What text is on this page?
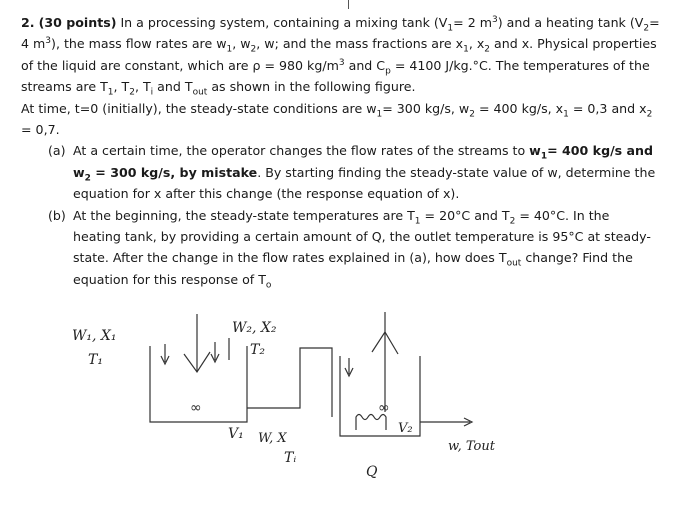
2. (30 points) In a processing system, containing a mixing tank ($V_1= 2$ $m^3$) and a heating tank ($V_2= 4$ $m^3$), the mass flow rates are $w_1$, $w_2$, w; and the mass fractions are $x_1$, $x_2$ and x. Physical properties of the liquid are constant, which are ρ = 980 $kg/m^3$ and $C_p = 4100$ J/kg.°C. The temperatures of the streams are $T_1$, $T_2$, $T_i$ and $T_{out}$ as shown in the following figure.

At time, t=0 (initially), the steady-state conditions are $w_1= 300$ kg/s, $w_2 = 400$ kg/s, $x_1 = 0,3$ and $x_2 = 0,7$.

(a) At a certain time, the operator changes the flow rates of the streams to $w_1= 400$ kg/s and $w_2 = 300$ kg/s, by mistake. By starting finding the steady-state value of w, determine the equation for x after this change (the response equation of x).

(b) At the beginning, the steady-state temperatures are $T_1 = 20^\circ C$ and $T_2 = 40^\circ C$. In the heating tank, by providing a certain amount of Q, the outlet temperature is 95°C at steady-state. After the change in the flow rates explained in (a), how does $T_{out}$ change? Find the equation for this response of $T_o$

∞	∞
W₁, X₁
T₁
W₂, X₂
T₂
V₁ W, X
Tᵢ
V₂
w, Tout
Q
